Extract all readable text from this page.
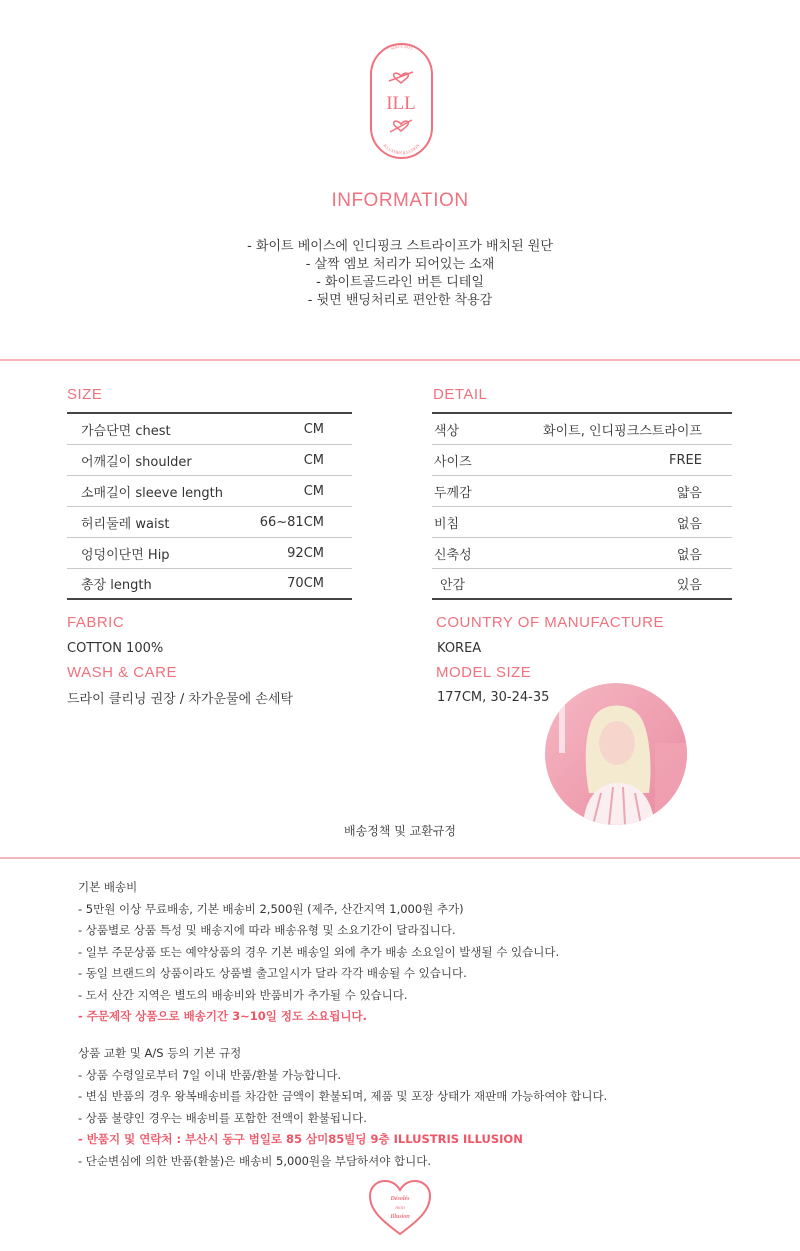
SINCE 2015
ILL
ILLUSTRIS ILLUSION
INFORMATION
- 화이트 베이스에 인디핑크 스트라이프가 배치된 원단
- 살짝 엠보 처리가 되어있는 소재
- 화이트골드라인 버튼 디테일
- 뒷면 밴딩처리로 편안한 착용감
SIZE
가슴단면 chest	CM
어깨길이 shoulder	CM
소매길이 sleeve length	CM
허리둘레 waist	66~81CM
엉덩이단면 Hip	92CM
총장 length	70CM
DETAIL
색상	화이트, 인디핑크스트라이프
사이즈	FREE
두께감	얇음
비침	없음
신축성	없음
안감	있음
FABRIC
COTTON 100%
WASH & CARE
드라이 클리닝 권장 / 차가운물에 손세탁
COUNTRY OF MANUFACTURE
KOREA
MODEL SIZE
177CM, 30-24-35
배송정책 및 교환규정
기본 배송비
- 5만원 이상 무료배송, 기본 배송비 2,500원 (제주, 산간지역 1,000원 추가)
- 상품별로 상품 특성 및 배송지에 따라 배송유형 및 소요기간이 달라집니다.
- 일부 주문상품 또는 예약상품의 경우 기본 배송일 외에 추가 배송 소요일이 발생될 수 있습니다.
- 동일 브랜드의 상품이라도 상품별 출고일시가 달라 각각 배송될 수 있습니다.
- 도서 산간 지역은 별도의 배송비와 반품비가 추가될 수 있습니다.
- 주문제작 상품으로 배송기간 3~10일 정도 소요됩니다.
상품 교환 및 A/S 등의 기본 규정
- 상품 수령일로부터 7일 이내 반품/환불 가능합니다.
- 변심 반품의 경우 왕복배송비를 차감한 금액이 환불되며, 제품 및 포장 상태가 재판매 가능하여야 합니다.
- 상품 불량인 경우는 배송비를 포함한 전액이 환불됩니다.
- 반품지 및 연락처 : 부산시 동구 범일로 85 삼미85빌딩 9층 ILLUSTRIS ILLUSION
- 단순변심에 의한 반품(환불)은 배송비 5,000원을 부담하셔야 합니다.
Désolés
mon
Illusion
